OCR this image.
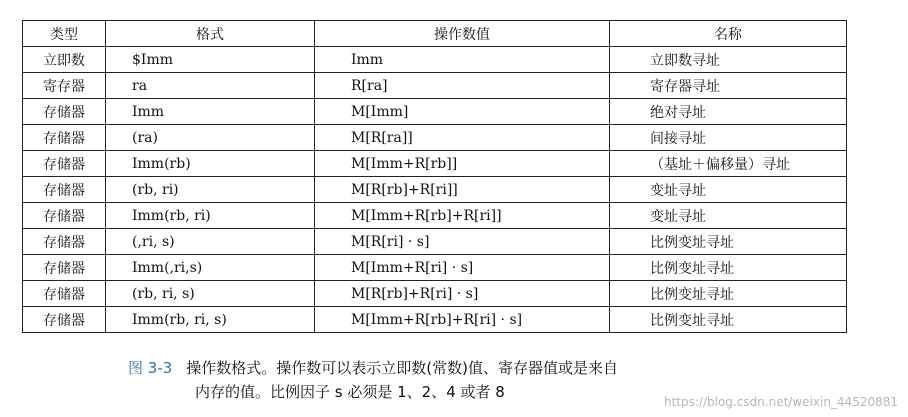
类型	格式	操作数值	名称
立即数	$Imm	Imm	立即数寻址
寄存器	ra	R[ra]	寄存器寻址
存储器	Imm	M[Imm]	绝对寻址
存储器	(ra)	M[R[ra]]	间接寻址
存储器	Imm(rb)	M[Imm+R[rb]]	（基址＋偏移量）寻址
存储器	(rb, ri)	M[R[rb]+R[ri]]	变址寻址
存储器	Imm(rb, ri)	M[Imm+R[rb]+R[ri]]	变址寻址
存储器	(,ri, s)	M[R[ri] · s]	比例变址寻址
存储器	Imm(,ri,s)	M[Imm+R[ri] · s]	比例变址寻址
存储器	(rb, ri, s)	M[R[rb]+R[ri] · s]	比例变址寻址
存储器	Imm(rb, ri, s)	M[Imm+R[rb]+R[ri] · s]	比例变址寻址
图 3-3 操作数格式。操作数可以表示立即数(常数)值、寄存器值或是来自
内存的值。比例因子 s 必须是 1、2、4 或者 8
https://blog.csdn.net/weixin_44520881
